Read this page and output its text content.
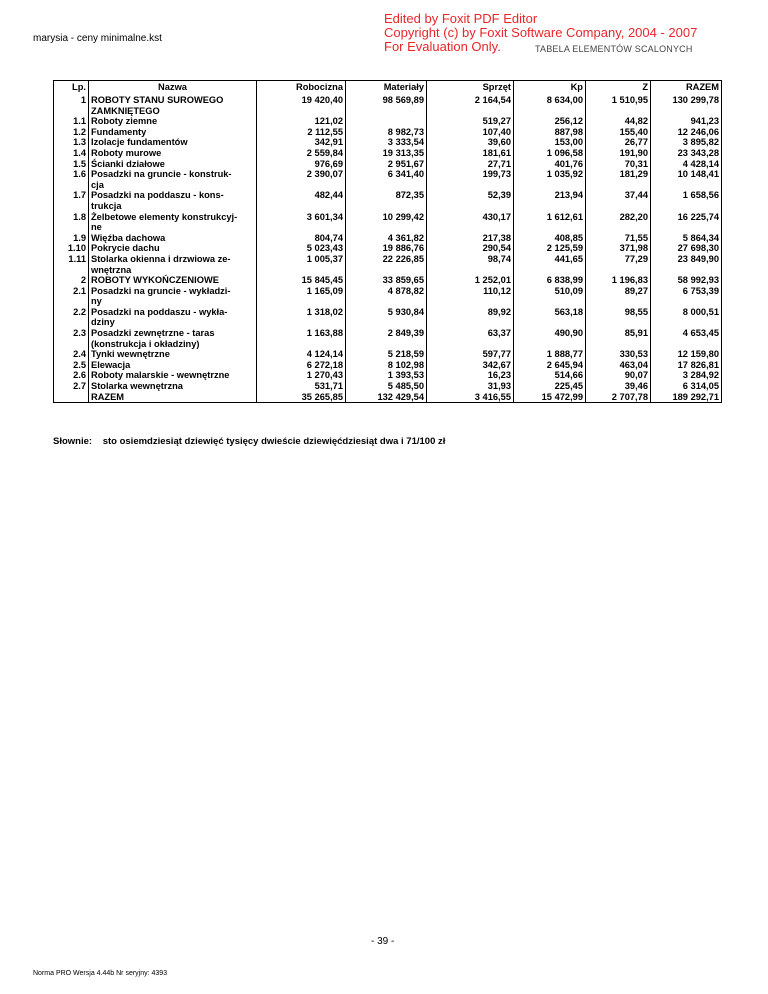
marysia - ceny minimalne.kst
TABELA ELEMENTÓW SCALONYCH
Edited by Foxit PDF Editor
Copyright (c) by Foxit Software Company, 2004 - 2007
For Evaluation Only.
Lp.	Nazwa	Robocizna	Materiały	Sprzęt	Kp	Z	RAZEM
1	ROBOTY STANU SUROWEGO
ZAMKNIĘTEGO	19 420,40	98 569,89	2 164,54	8 634,00	1 510,95	130 299,78
1.1	Roboty ziemne	121,02		519,27	256,12	44,82	941,23
1.2	Fundamenty	2 112,55	8 982,73	107,40	887,98	155,40	12 246,06
1.3	Izolacje fundamentów	342,91	3 333,54	39,60	153,00	26,77	3 895,82
1.4	Roboty murowe	2 559,84	19 313,35	181,61	1 096,58	191,90	23 343,28
1.5	Ścianki działowe	976,69	2 951,67	27,71	401,76	70,31	4 428,14
1.6	Posadzki na gruncie - konstruk-
cja	2 390,07	6 341,40	199,73	1 035,92	181,29	10 148,41
1.7	Posadzki na poddaszu - kons-
trukcja	482,44	872,35	52,39	213,94	37,44	1 658,56
1.8	Żelbetowe elementy konstrukcyj-
ne	3 601,34	10 299,42	430,17	1 612,61	282,20	16 225,74
1.9	Więźba dachowa	804,74	4 361,82	217,38	408,85	71,55	5 864,34
1.10	Pokrycie dachu	5 023,43	19 886,76	290,54	2 125,59	371,98	27 698,30
1.11	Stolarka okienna i drzwiowa ze-
wnętrzna	1 005,37	22 226,85	98,74	441,65	77,29	23 849,90
2	ROBOTY WYKOŃCZENIOWE	15 845,45	33 859,65	1 252,01	6 838,99	1 196,83	58 992,93
2.1	Posadzki na gruncie - wykładzi-
ny	1 165,09	4 878,82	110,12	510,09	89,27	6 753,39
2.2	Posadzki na poddaszu - wykła-
dziny	1 318,02	5 930,84	89,92	563,18	98,55	8 000,51
2.3	Posadzki zewnętrzne - taras
(konstrukcja i okładziny)	1 163,88	2 849,39	63,37	490,90	85,91	4 653,45
2.4	Tynki wewnętrzne	4 124,14	5 218,59	597,77	1 888,77	330,53	12 159,80
2.5	Elewacja	6 272,18	8 102,98	342,67	2 645,94	463,04	17 826,81
2.6	Roboty malarskie - wewnętrzne	1 270,43	1 393,53	16,23	514,66	90,07	3 284,92
2.7	Stolarka wewnętrzna	531,71	5 485,50	31,93	225,45	39,46	6 314,05

	RAZEM	35 265,85	132 429,54	3 416,55	15 472,99	2 707,78	189 292,71
Słownie: sto osiemdziesiąt dziewięć tysięcy dwieście dziewięćdziesiąt dwa i 71/100 zł
- 39 -
Norma PRO Wersja 4.44b Nr seryjny: 4393
